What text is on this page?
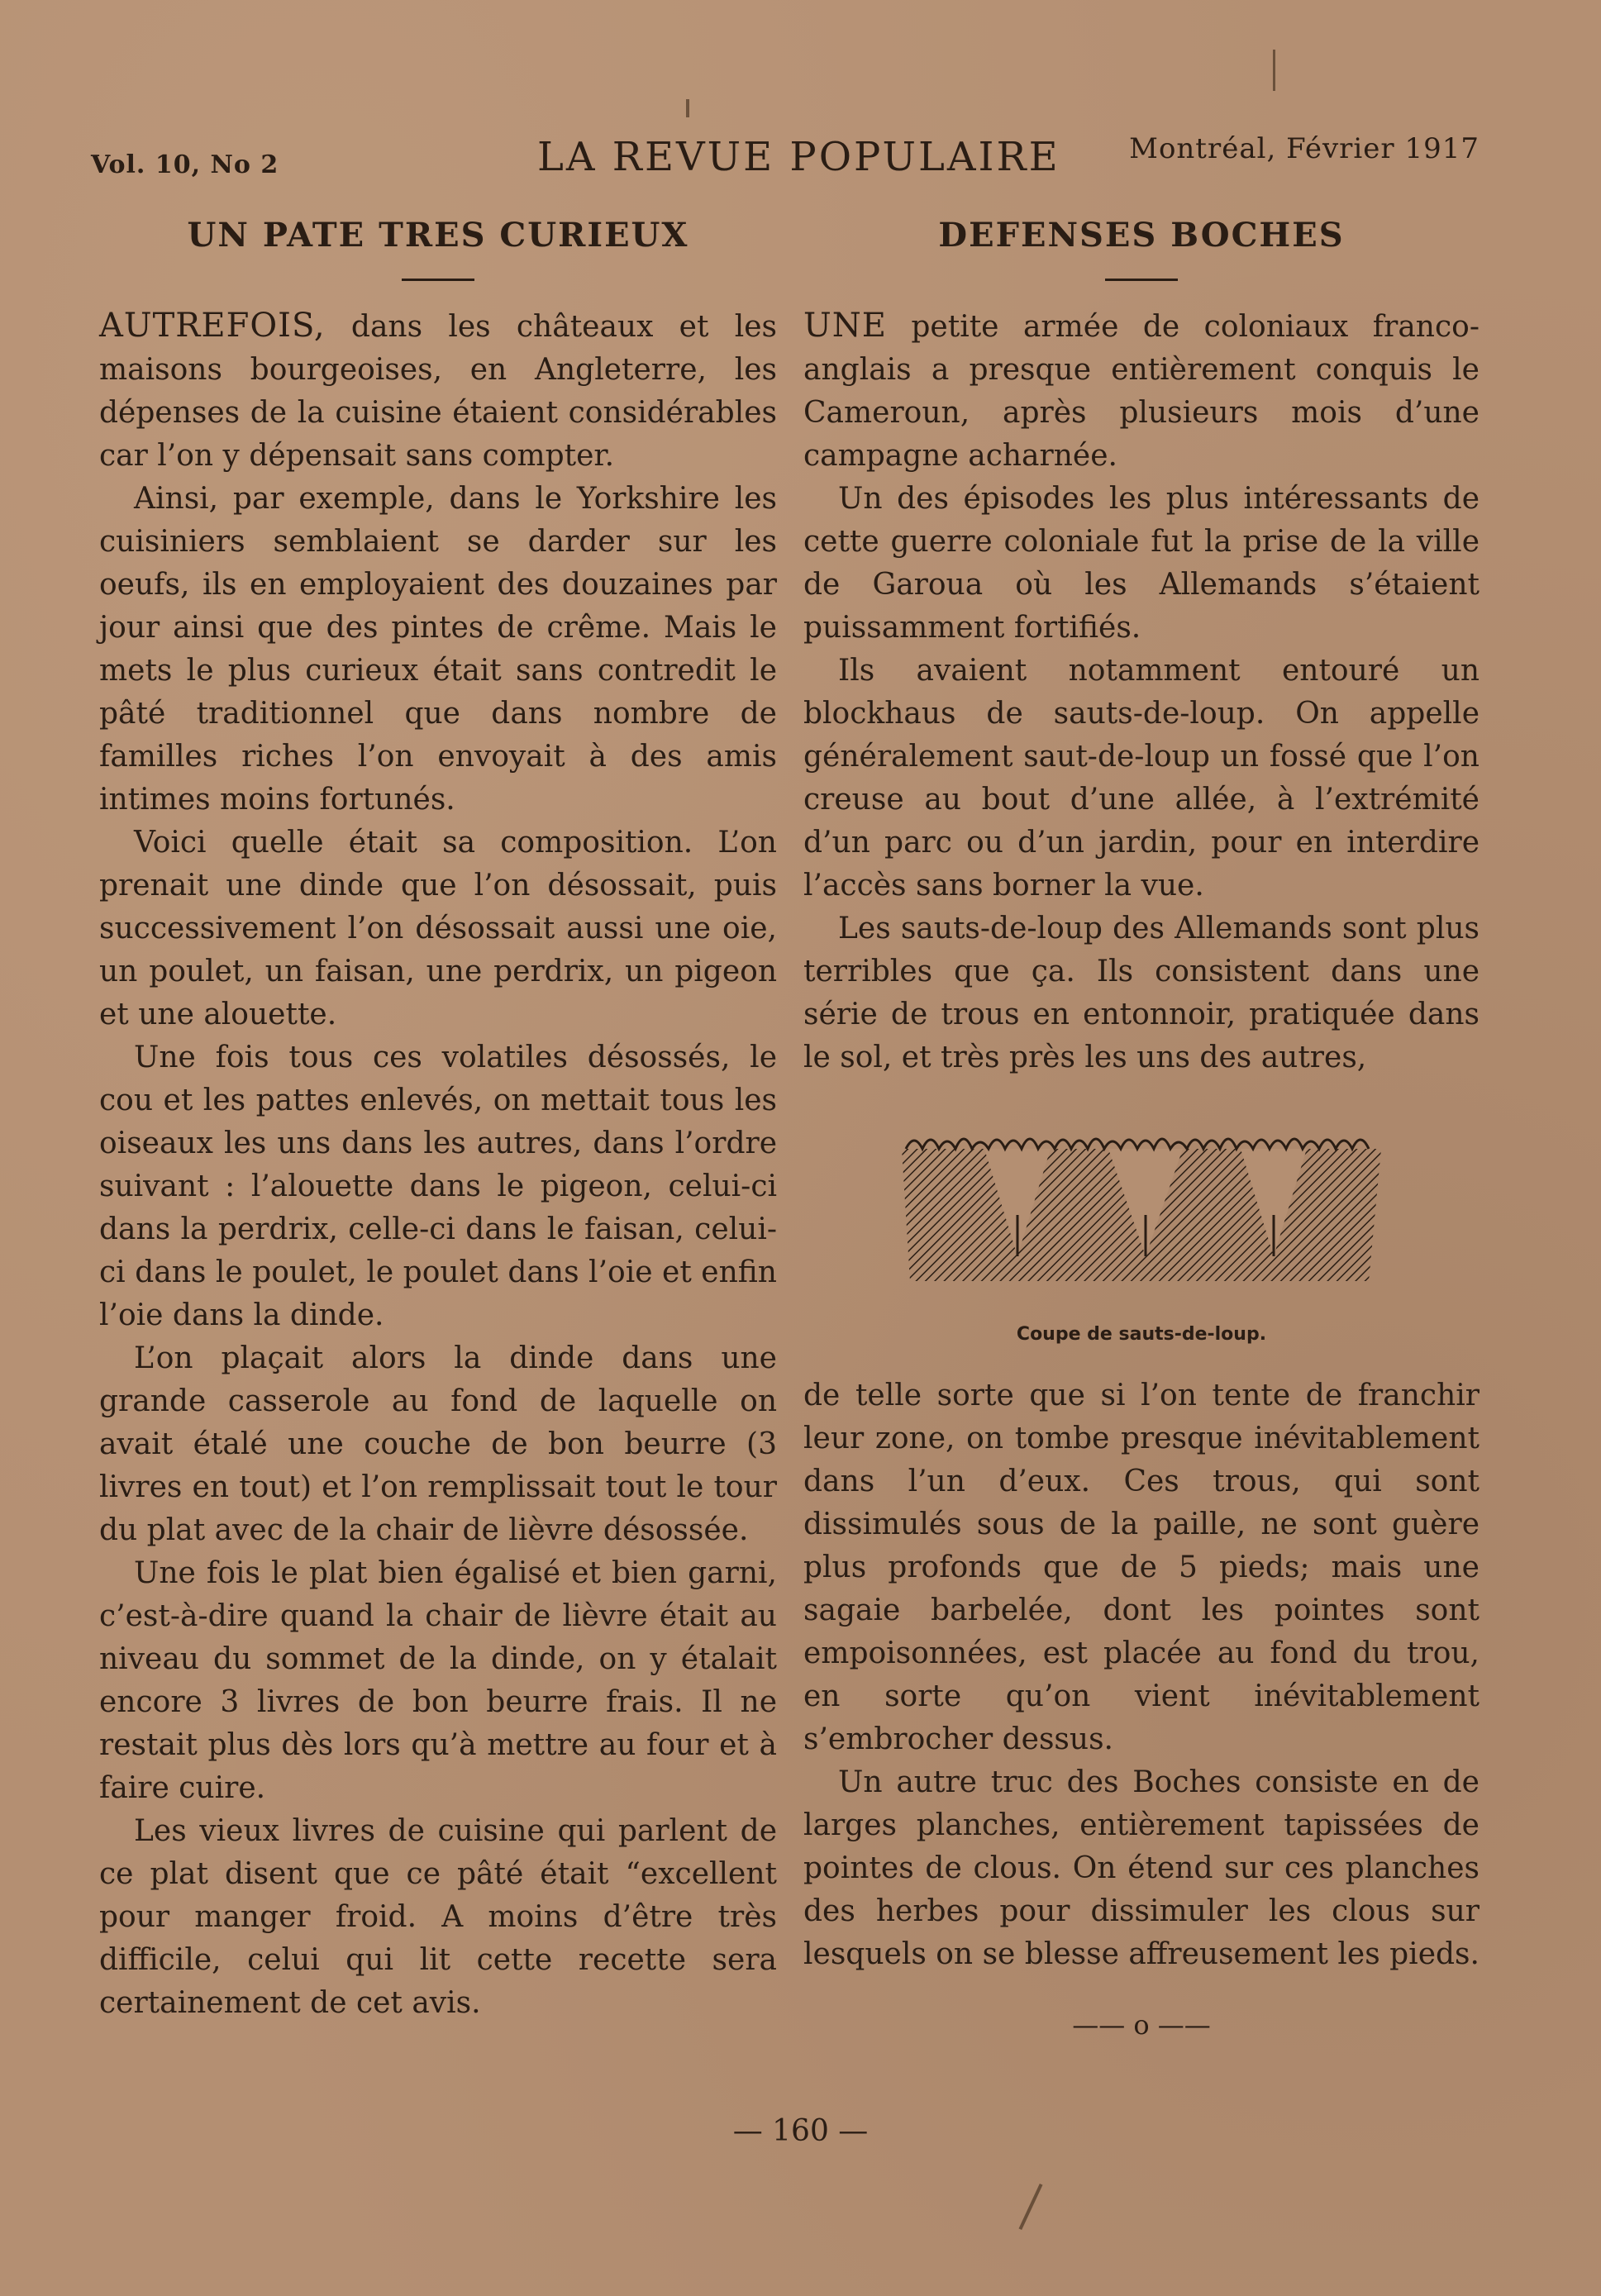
Vol. 10, No 2	LA REVUE POPULAIRE Montréal, Février 1917
UN PATE TRES CURIEUX

AUTREFOIS, dans les châteaux et les maisons bourgeoises, en Angleterre, les dépenses de la cuisine étaient considérables car l’on y dépensait sans compter.

Ainsi, par exemple, dans le Yorkshire les cuisiniers semblaient se darder sur les oeufs, ils en employaient des douzaines par jour ainsi que des pintes de crême. Mais le mets le plus curieux était sans contredit le pâté traditionnel que dans nombre de familles riches l’on envoyait à des amis intimes moins fortunés.

Voici quelle était sa composition. L’on prenait une dinde que l’on désossait, puis successivement l’on désossait aussi une oie, un poulet, un faisan, une perdrix, un pigeon et une alouette.

Une fois tous ces volatiles désossés, le cou et les pattes enlevés, on mettait tous les oiseaux les uns dans les autres, dans l’ordre suivant : l’alouette dans le pigeon, celui-ci dans la perdrix, celle-ci dans le faisan, celui-ci dans le poulet, le poulet dans l’oie et enfin l’oie dans la dinde.

L’on plaçait alors la dinde dans une grande casserole au fond de laquelle on avait étalé une couche de bon beurre (3 livres en tout) et l’on remplissait tout le tour du plat avec de la chair de lièvre désossée.

Une fois le plat bien égalisé et bien garni, c’est-à-dire quand la chair de lièvre était au niveau du sommet de la dinde, on y étalait encore 3 livres de bon beurre frais. Il ne restait plus dès lors qu’à mettre au four et à faire cuire.

Les vieux livres de cuisine qui parlent de ce plat disent que ce pâté était “excellent pour manger froid. A moins d’être très difficile, celui qui lit cette recette sera certainement de cet avis.

DEFENSES BOCHES

UNE petite armée de coloniaux franco-anglais a presque entièrement conquis le Cameroun, après plusieurs mois d’une campagne acharnée.

Un des épisodes les plus intéressants de cette guerre coloniale fut la prise de la ville de Garoua où les Allemands s’étaient puissamment fortifiés.

Ils avaient notamment entouré un blockhaus de sauts-de-loup. On appelle généralement saut-de-loup un fossé que l’on creuse au bout d’une allée, à l’extrémité d’un parc ou d’un jardin, pour en interdire l’accès sans borner la vue.

Les sauts-de-loup des Allemands sont plus terribles que ça. Ils consistent dans une série de trous en entonnoir, pratiquée dans le sol, et très près les uns des autres,

Coupe de sauts-de-loup.

de telle sorte que si l’on tente de franchir leur zone, on tombe presque inévitablement dans l’un d’eux. Ces trous, qui sont dissimulés sous de la paille, ne sont guère plus profonds que de 5 pieds; mais une sagaie barbelée, dont les pointes sont empoisonnées, est placée au fond du trou, en sorte qu’on vient inévitablement s’embrocher dessus.

Un autre truc des Boches consiste en de larges planches, entièrement tapissées de pointes de clous. On étend sur ces planches des herbes pour dissimuler les clous sur lesquels on se blesse affreusement les pieds.

—— o ——
— 160 —
